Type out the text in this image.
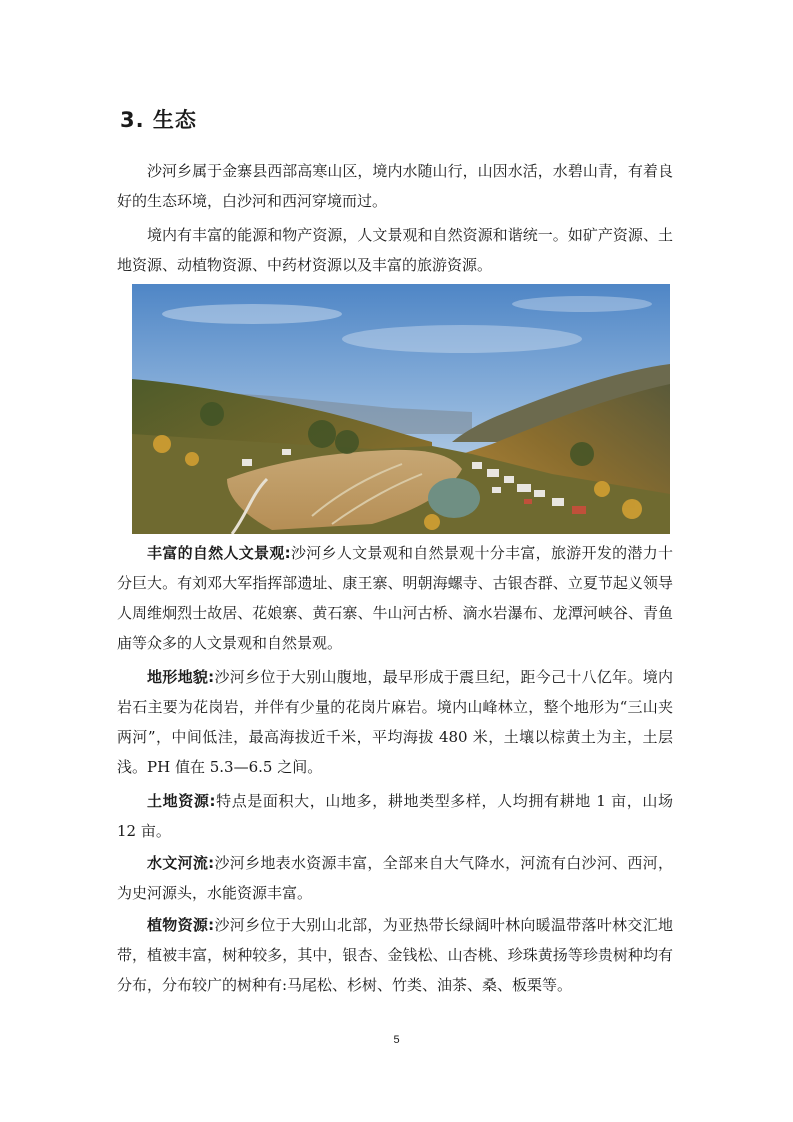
3. 生态

沙河乡属于金寨县西部高寒山区，境内水随山行，山因水活，水碧山青，有着良好的生态环境，白沙河和西河穿境而过。

境内有丰富的能源和物产资源，人文景观和自然资源和谐统一。如矿产资源、土地资源、动植物资源、中药材资源以及丰富的旅游资源。

丰富的自然人文景观:沙河乡人文景观和自然景观十分丰富，旅游开发的潜力十分巨大。有刘邓大军指挥部遗址、康王寨、明朝海螺寺、古银杏群、立夏节起义领导人周维炯烈士故居、花娘寨、黄石寨、牛山河古桥、滴水岩瀑布、龙潭河峡谷、青鱼庙等众多的人文景观和自然景观。

地形地貌:沙河乡位于大别山腹地，最早形成于震旦纪，距今己十八亿年。境内岩石主要为花岗岩，并伴有少量的花岗片麻岩。境内山峰林立，整个地形为“三山夹两河”，中间低洼，最高海拔近千米，平均海拔 480 米，土壤以棕黄土为主，土层浅。PH 值在 5.3—6.5 之间。

土地资源:特点是面积大，山地多，耕地类型多样，人均拥有耕地 1 亩，山场 12 亩。

水文河流:沙河乡地表水资源丰富，全部来自大气降水，河流有白沙河、西河，为史河源头，水能资源丰富。

植物资源:沙河乡位于大别山北部，为亚热带长绿阔叶林向暖温带落叶林交汇地带，植被丰富，树种较多，其中，银杏、金钱松、山杏桃、珍珠黄扬等珍贵树种均有分布，分布较广的树种有:马尾松、杉树、竹类、油茶、桑、板栗等。

5
